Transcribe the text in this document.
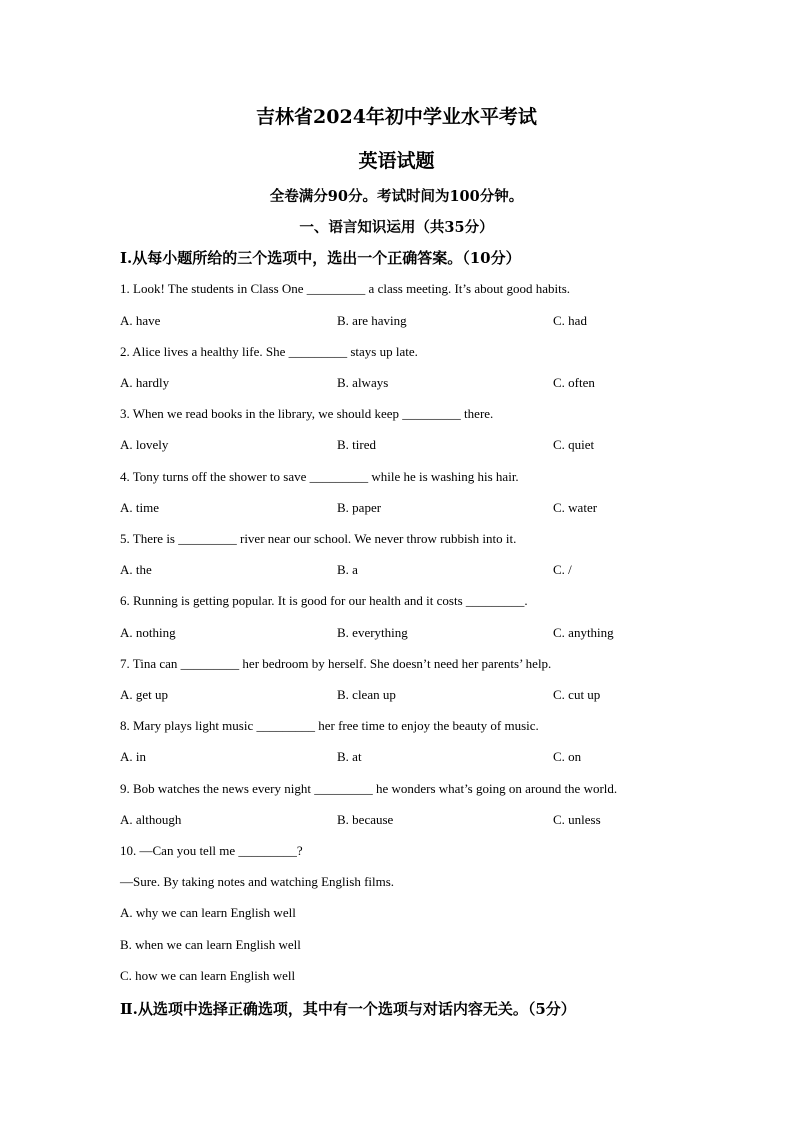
吉林省2024年初中学业水平考试
英语试题
全卷满分90分。考试时间为100分钟。
一、语言知识运用（共35分）
Ⅰ.从每小题所给的三个选项中，选出一个正确答案。（10分）
1. Look! The students in Class One _________ a class meeting. It’s about good habits.
A. have	B. are having	C. had
2. Alice lives a healthy life. She _________ stays up late.
A. hardly	B. always	C. often
3. When we read books in the library, we should keep _________ there.
A. lovely	B. tired	C. quiet
4. Tony turns off the shower to save _________ while he is washing his hair.
A. time	B. paper	C. water
5. There is _________ river near our school. We never throw rubbish into it.
A. the	B. a	C. /
6. Running is getting popular. It is good for our health and it costs _________.
A. nothing	B. everything	C. anything
7. Tina can _________ her bedroom by herself. She doesn’t need her parents’ help.
A. get up	B. clean up	C. cut up
8. Mary plays light music _________ her free time to enjoy the beauty of music.
A. in	B. at	C. on
9. Bob watches the news every night _________ he wonders what’s going on around the world.
A. although	B. because	C. unless
10. —Can you tell me _________?
—Sure. By taking notes and watching English films.
A. why we can learn English well
B. when we can learn English well
C. how we can learn English well
Ⅱ.从选项中选择正确选项，其中有一个选项与对话内容无关。（5分）
